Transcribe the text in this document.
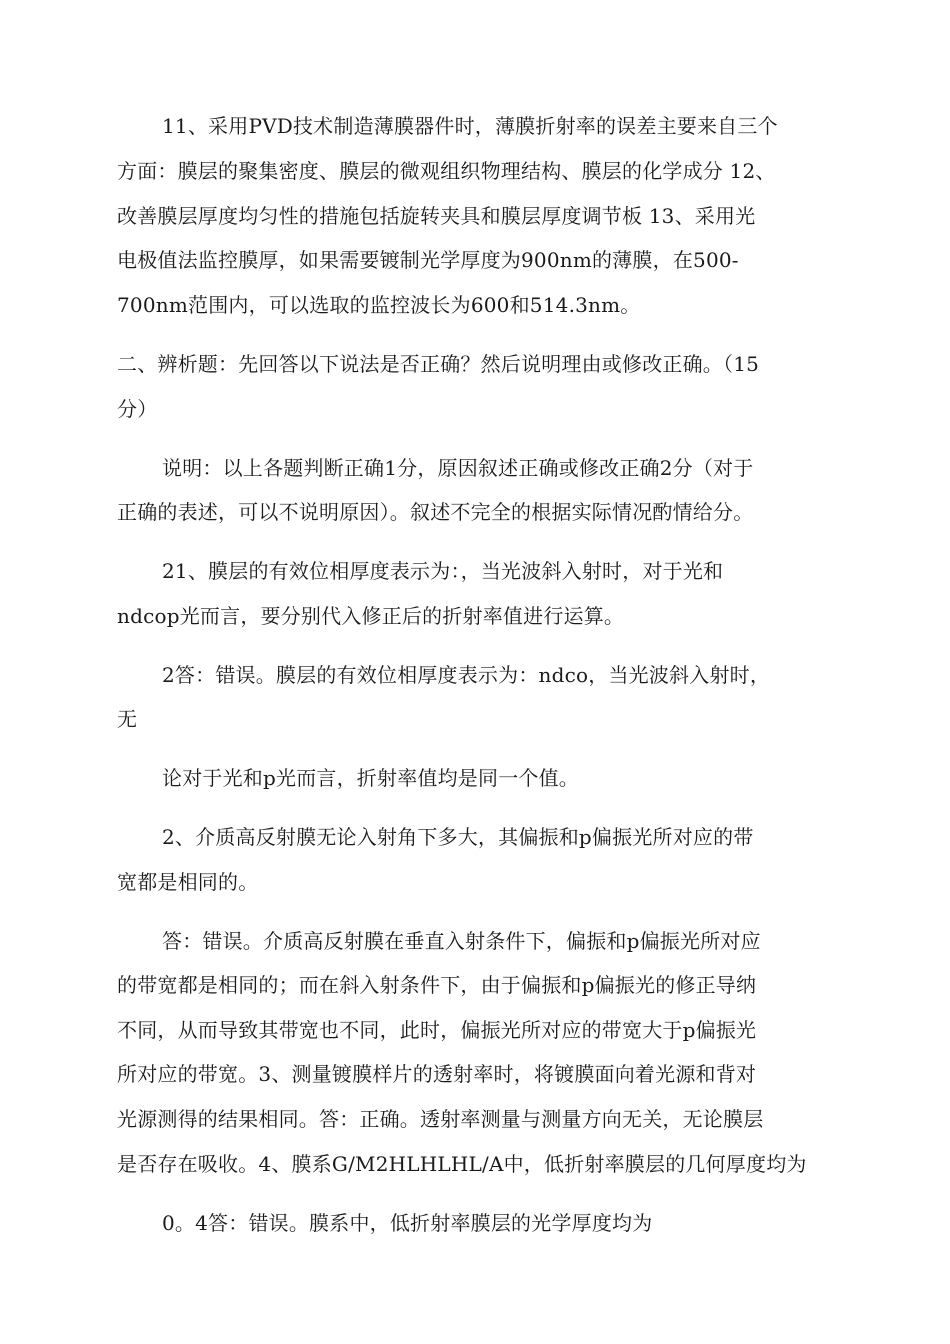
11、采用PVD技术制造薄膜器件时，薄膜折射率的误差主要来自三个

方面：膜层的聚集密度、膜层的微观组织物理结构、膜层的化学成分 12、

改善膜层厚度均匀性的措施包括旋转夹具和膜层厚度调节板 13、采用光

电极值法监控膜厚，如果需要镀制光学厚度为900nm的薄膜，在500-

700nm范围内，可以选取的监控波长为600和514.3nm。

二、辨析题：先回答以下说法是否正确？然后说明理由或修改正确。（15

分）

说明：以上各题判断正确1分，原因叙述正确或修改正确2分（对于

正确的表述，可以不说明原因）。叙述不完全的根据实际情况酌情给分。

21、膜层的有效位相厚度表示为：，当光波斜入射时，对于光和

ndcop光而言，要分别代入修正后的折射率值进行运算。

2答：错误。膜层的有效位相厚度表示为：ndco，当光波斜入射时，

无

论对于光和p光而言，折射率值均是同一个值。

2、介质高反射膜无论入射角下多大，其偏振和p偏振光所对应的带

宽都是相同的。

答：错误。介质高反射膜在垂直入射条件下，偏振和p偏振光所对应

的带宽都是相同的；而在斜入射条件下，由于偏振和p偏振光的修正导纳

不同，从而导致其带宽也不同，此时，偏振光所对应的带宽大于p偏振光

所对应的带宽。3、测量镀膜样片的透射率时，将镀膜面向着光源和背对

光源测得的结果相同。答：正确。透射率测量与测量方向无关，无论膜层

是否存在吸收。4、膜系G/M2HLHLHL/A中，低折射率膜层的几何厚度均为

0。4答：错误。膜系中，低折射率膜层的光学厚度均为
